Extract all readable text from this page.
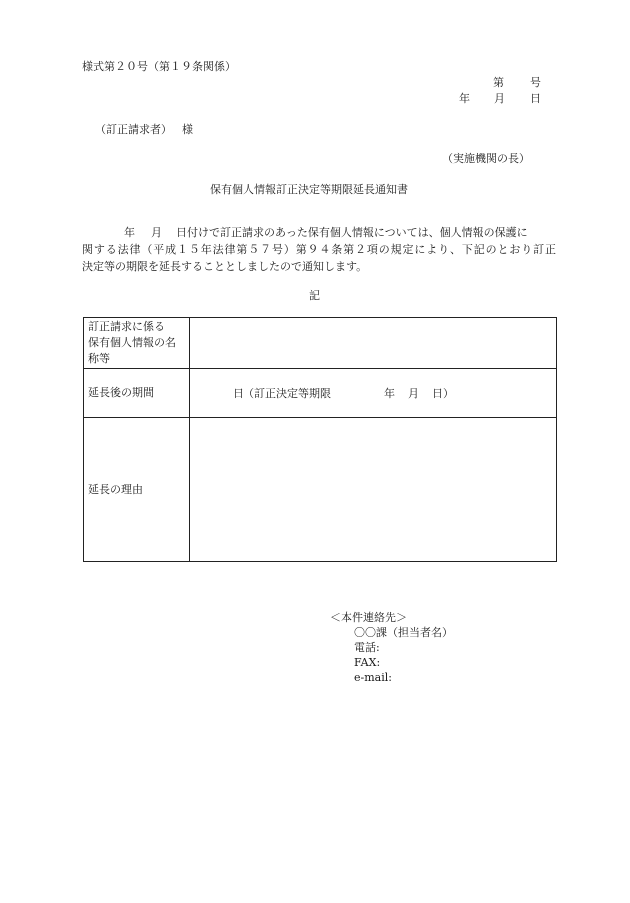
様式第２０号（第１９条関係）
第 号
年 月 日
（訂正請求者） 様
（実施機関の長）
保有個人情報訂正決定等期限延長通知書
年 月 日付けで訂正請求のあった保有個人情報については、個人情報の保護に
関する法律（平成１５年法律第５７号）第９４条第２項の規定により、下記のとおり訂正
決定等の期限を延長することとしましたので通知します。
記
訂正請求に係る
保有個人情報の名
称等	

延長後の期間	日 （訂正決定等期限 年 月 日）

延長の理由	
＜本件連絡先＞
〇〇課（担当者名）
電話:
FAX:
e-mail:
